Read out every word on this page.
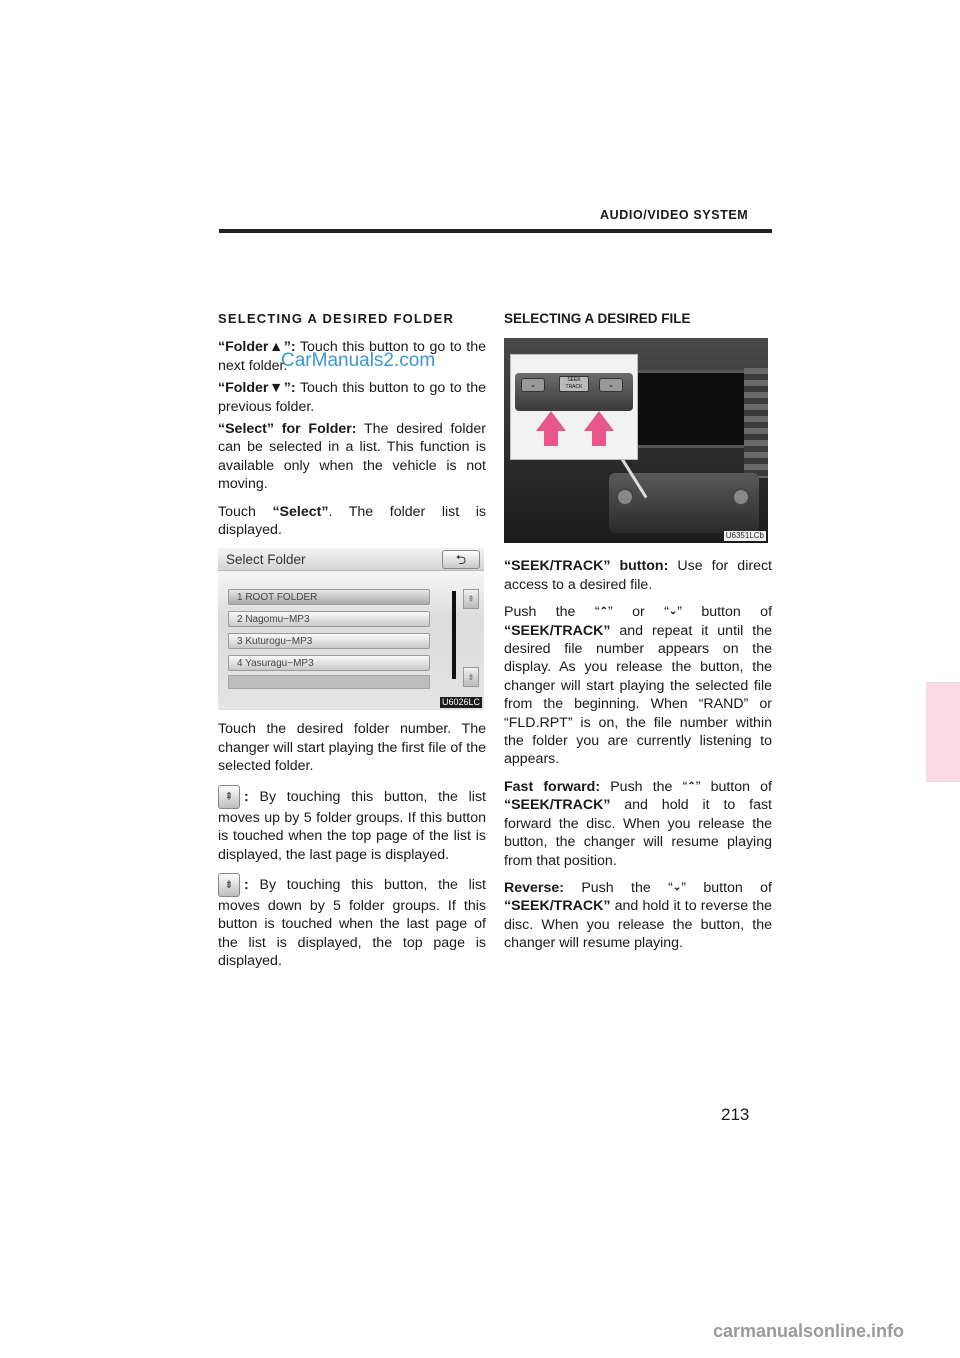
AUDIO/VIDEO SYSTEM
SELECTING A DESIRED FOLDER

“Folder▲”: Touch this button to go to the next folder.

“Folder▼”: Touch this button to go to the previous folder.

“Select” for Folder: The desired folder can be selected in a list. This function is available only when the vehicle is not moving.

Touch “Select”. The folder list is displayed.

Select Folder	⮌
1 ROOT FOLDER
2 Nagomu−MP3
3 Kuturogu−MP3
4 Yasuragu−MP3
⇞
⇟
U6026LC

Touch the desired folder number. The changer will start playing the first file of the selected folder.

⇞ : By touching this button, the list moves up by 5 folder groups. If this button is touched when the top page of the list is displayed, the last page is displayed.

⇟ : By touching this button, the list moves down by 5 folder groups. If this button is touched when the last page of the list is displayed, the top page is displayed.

SELECTING A DESIRED FILE
⌄	SEEK TRACK	⌄
U6351LCb

“SEEK/TRACK” button: Use for direct access to a desired file.

Push the “⌃” or “⌄” button of “SEEK/TRACK” and repeat it until the desired file number appears on the display. As you release the button, the changer will start playing the selected file from the beginning. When “RAND” or “FLD.RPT” is on, the file number within the folder you are currently listening to appears.

Fast forward: Push the “⌃” button of “SEEK/TRACK” and hold it to fast forward the disc. When you release the button, the changer will resume playing from that position.

Reverse: Push the “⌄” button of “SEEK/TRACK” and hold it to reverse the disc. When you release the button, the changer will resume playing.

CarManuals2.com
213
carmanualsonline.info
